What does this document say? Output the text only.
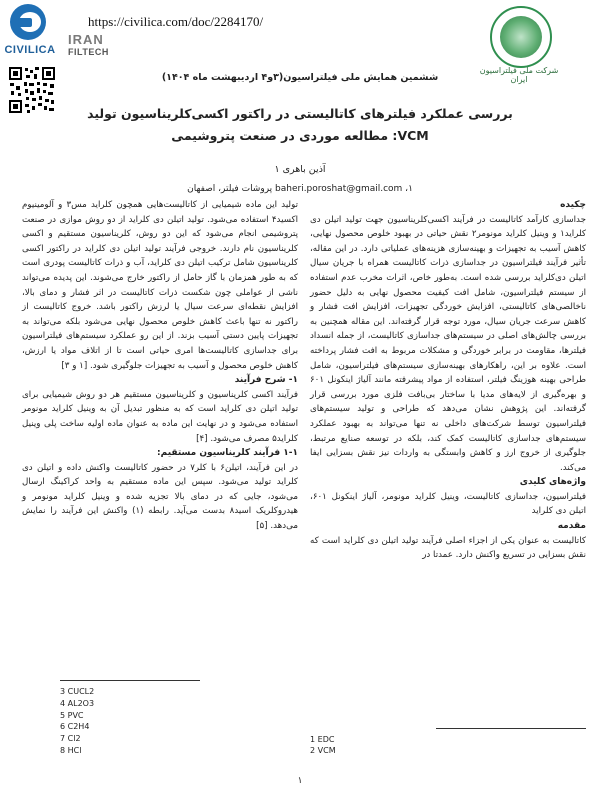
CIVILICA
https://civilica.com/doc/2284170/
IRAN
FILTECH
شرکت ملی فیلتراسیون ایران
ششمین همایش ملی فیلتراسیون(۳و۴ اردیبهشت ماه ۱۴۰۴)
بررسی عملکرد فیلترهای کاتالیستی در راکتور اکسی‌کلریناسیون تولید
VCM: مطالعه موردی در صنعت پتروشیمی
آذین باهری ۱
baheri.poroshat@gmail.com ،۱ پروشات فیلتر، اصفهان
چکیده

جداسازی کارآمد کاتالیست در فرآیند اکسی‌کلریناسیون جهت تولید اتیلن دی کلراید۱ و وینیل کلراید مونومر۲ نقش حیاتی در بهبود خلوص محصول نهایی، کاهش آسیب به تجهیزات و بهینه‌سازی هزینه‌های عملیاتی دارد. در این مقاله، تأثیر فرآیند فیلتراسیون در جداسازی ذرات کاتالیست همراه با جریان سیال اتیلن دی‌کلراید بررسی شده است. به‌طور خاص، اثرات مخرب عدم استفاده از سیستم فیلتراسیون، شامل افت کیفیت محصول نهایی به دلیل حضور ناخالصی‌های کاتالیستی، افزایش خوردگی تجهیزات، افزایش افت فشار و کاهش سرعت جریان سیال، مورد توجه قرار گرفته‌اند. این مقاله همچنین به بررسی چالش‌های اصلی در سیستم‌های جداسازی کاتالیست، از جمله انسداد فیلترها، مقاومت در برابر خوردگی و مشکلات مربوط به افت فشار پرداخته است. علاوه بر این، راهکارهای بهینه‌سازی سیستم‌های فیلتراسیون، شامل طراحی بهینه هوزینگ فیلتر، استفاده از مواد پیشرفته مانند آلیاژ اینکونل ۶۰۱ و بهره‌گیری از لایه‌های مدیا با ساختار بی‌بافت فلزی مورد بررسی قرار گرفته‌اند. این پژوهش نشان می‌دهد که طراحی و تولید سیستم‌های فیلتراسیون توسط شرکت‌های داخلی نه تنها می‌تواند به بهبود عملکرد سیستم‌های جداسازی کاتالیست کمک کند، بلکه در توسعه صنایع مرتبط، جلوگیری از خروج ارز و کاهش وابستگی به واردات نیز نقش بسزایی ایفا می‌کند.

واژه‌های کلیدی

فیلتراسیون، جداسازی کاتالیست، وینیل کلراید مونومر، آلیاژ اینکونل ۶۰۱، اتیلن دی کلراید

مقدمه

کاتالیست به عنوان یکی از اجزاء اصلی فرآیند تولید اتیلن دی کلراید است که نقش بسزایی در تسریع واکنش دارد. عمدتا در

تولید این ماده شیمیایی از کاتالیست‌هایی همچون کلراید مس۳ و آلومینیوم اکسید۴ استفاده می‌شود. تولید اتیلن دی کلراید از دو روش موازی در صنعت پتروشیمی انجام می‌شود که این دو روش، کلریناسیون مستقیم و اکسی کلریناسیون نام دارند. خروجی فرآیند تولید اتیلن دی کلراید در راکتور اکسی کلریناسیون شامل ترکیب اتیلن دی کلراید، آب و ذرات کاتالیست پودری است که به طور همزمان با گاز حامل از راکتور خارج می‌شوند. این پدیده می‌تواند ناشی از عواملی چون شکست ذرات کاتالیست در اثر فشار و دمای بالا، افزایش نقطه‌ای سرعت سیال یا لرزش راکتور باشد. خروج کاتالیست از راکتور نه تنها باعث کاهش خلوص محصول نهایی می‌شود بلکه می‌تواند به تجهیزات پایین دستی آسیب بزند. از این رو عملکرد سیستم‌های فیلتراسیون برای جداسازی کاتالیست‌ها امری حیاتی است تا از اتلاف مواد یا ارزش، کاهش خلوص محصول و آسیب به تجهیزات جلوگیری شود. [۱ و ۳]

۱- شرح فرآیند

فرآیند اکسی کلریناسیون و کلریناسیون مستقیم هر دو روش شیمیایی برای تولید اتیلن دی کلراید است که به منظور تبدیل آن به وینیل کلراید مونومر استفاده می‌شود و در نهایت این ماده به عنوان ماده اولیه ساخت پلی وینیل کلراید۵ مصرف می‌شود. [۴]

۱-۱ فرآیند کلریناسیون مستقیم:

در این فرآیند، اتیلن۶ با کلر۷ در حضور کاتالیست واکنش داده و اتیلن دی کلراید تولید می‌شود. سپس این ماده مستقیم به واحد کراکینگ ارسال می‌شود، جایی که در دمای بالا تجزیه شده و وینیل کلراید مونومر و هیدروکلریک اسید۸ بدست می‌آید. رابطه (۱) واکنش این فرآیند را نمایش می‌دهد. [۵]

1 EDC
2 VCM
3 CUCL2
4 AL2O3
5 PVC
6 C2H4
7 Cl2
8 HCl
۱
